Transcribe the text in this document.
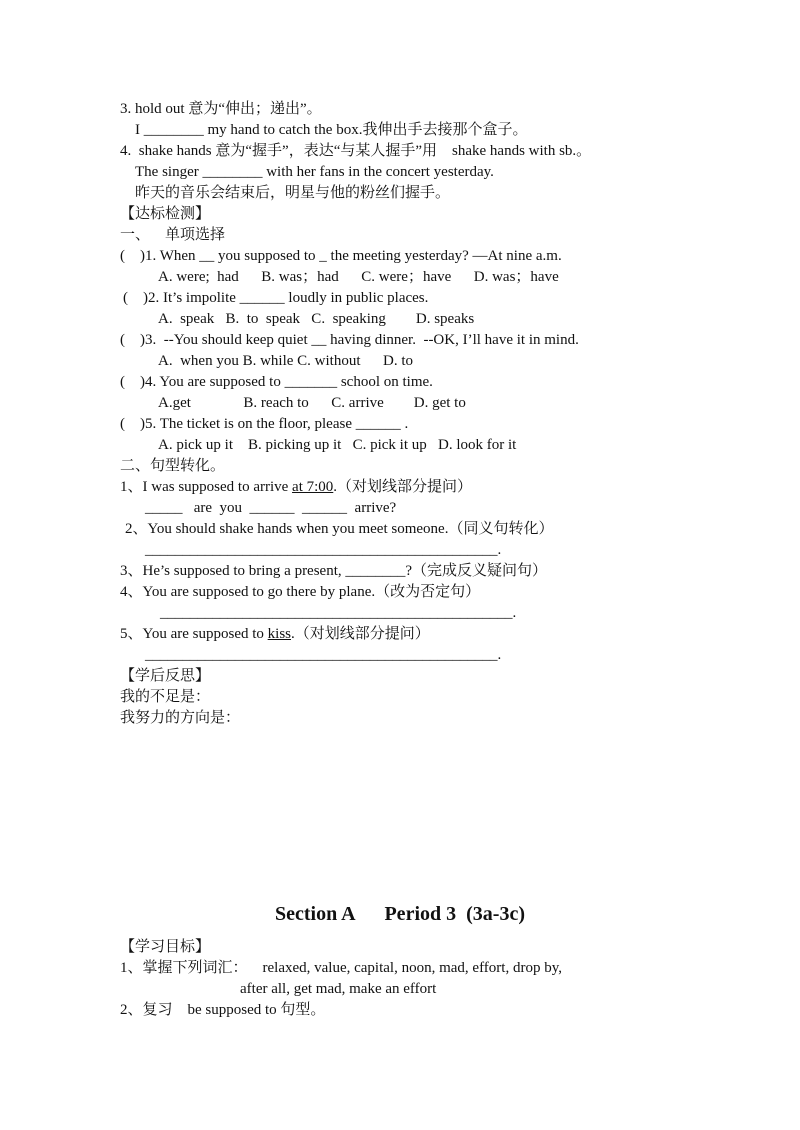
3. hold out 意为“伸出；递出”。
I ________ my hand to catch the box.我伸出手去接那个盒子。
4.  shake hands 意为“握手”，表达“与某人握手”用    shake hands with sb.。
The singer ________ with her fans in the concert yesterday.
昨天的音乐会结束后，明星与他的粉丝们握手。
【达标检测】
一、    单项选择
(    )1. When __ you supposed to _ the meeting yesterday? —At nine a.m.
A. were;  had      B. was；had      C. were；have      D. was；have
(    )2. It’s impolite ______ loudly in public places.
A.  speak   B.  to  speak   C.  speaking        D. speaks
(    )3.  --You should keep quiet __ having dinner.  --OK, I’ll have it in mind.
A.  when you B. while C. without      D. to
(    )4. You are supposed to _______ school on time.
A.get              B. reach to      C. arrive        D. get to
(    )5. The ticket is on the floor, please ______ .
A. pick up it    B. picking up it   C. pick it up   D. look for it
二、句型转化。
1、I was supposed to arrive at 7:00.（对划线部分提问）
_____   are  you  ______  ______  arrive?
2、You should shake hands when you meet someone.（同义句转化）
_______________________________________________.
3、He’s supposed to bring a present, ________?（完成反义疑问句）
4、You are supposed to go there by plane.（改为否定句）
_______________________________________________.
5、You are supposed to kiss.（对划线部分提问）
_______________________________________________.
【学后反思】
我的不足是：
我努力的方向是：
Section A      Period 3  (3a-3c)
【学习目标】
1、掌握下列词汇：    relaxed, value, capital, noon, mad, effort, drop by,
after all, get mad, make an effort
2、复习    be supposed to 句型。
